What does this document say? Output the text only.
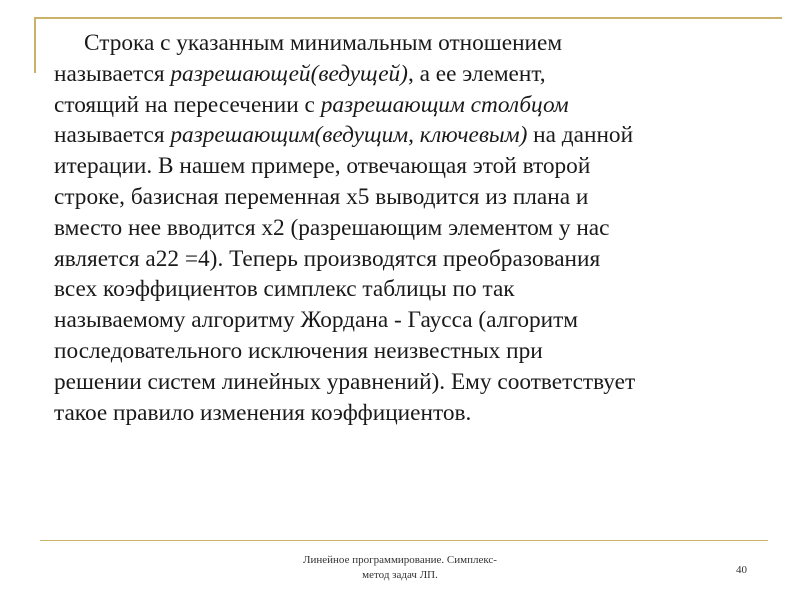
Строка с указанным минимальным отношением
называется разрешающей(ведущей), а ее элемент,
стоящий на пересечении с разрешающим столбцом
называется разрешающим(ведущим, ключевым) на данной
итерации. В нашем примере, отвечающая этой второй
строке, базисная переменная x5 выводится из плана и
вместо нее вводится x2 (разрешающим элементом у нас
является a22 =4). Теперь производятся преобразования
всех коэффициентов симплекс таблицы по так
называемому алгоритму Жордана - Гаусса (алгоритм
последовательного исключения неизвестных при
решении систем линейных уравнений). Ему соответствует
такое правило изменения коэффициентов.
Линейное программирование. Симплекс-
метод задач ЛП.	40
